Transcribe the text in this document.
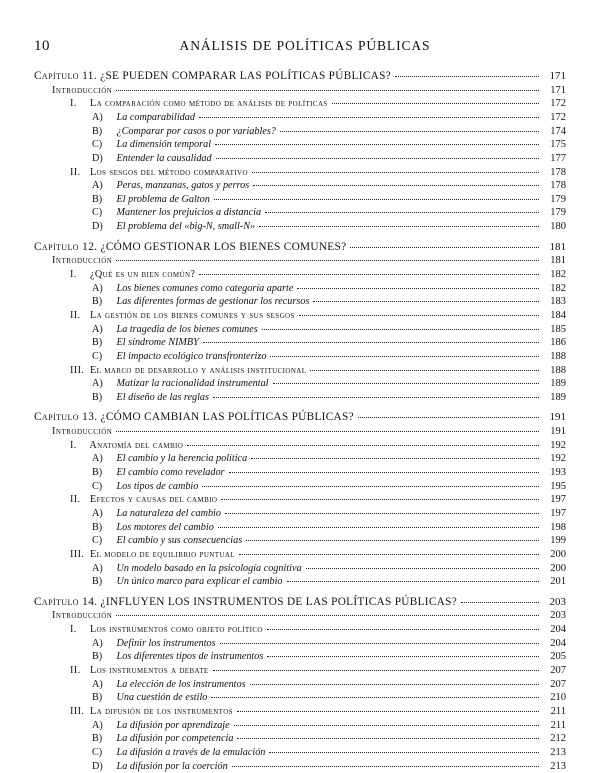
10	ANÁLISIS DE POLÍTICAS PÚBLICAS
Capítulo 11. ¿SE PUEDEN COMPARAR LAS POLÍTICAS PÚBLICAS?	171
Introducción	171
I. La comparación como método de análisis de políticas	172
A) La comparabilidad	172
B) ¿Comparar por casos o por variables?	174
C) La dimensión temporal	175
D) Entender la causalidad	177
II. Los sesgos del método comparativo	178
A) Peras, manzanas, gatos y perros	178
B) El problema de Galton	179
C) Mantener los prejuicios a distancia	179
D) El problema del «big-N, small-N»	180
Capítulo 12. ¿CÓMO GESTIONAR LOS BIENES COMUNES?	181
Introducción	181
I. ¿Qué es un bien común?	182
A) Los bienes comunes como categoría aparte	182
B) Las diferentes formas de gestionar los recursos	183
II. La gestión de los bienes comunes y sus sesgos	184
A) La tragedia de los bienes comunes	185
B) El síndrome NIMBY	186
C) El impacto ecológico transfronterizo	188
III. El marco de desarrollo y análisis institucional	188
A) Matizar la racionalidad instrumental	189
B) El diseño de las reglas	189
Capítulo 13. ¿CÓMO CAMBIAN LAS POLÍTICAS PÚBLICAS?	191
Introducción	191
I. Anatomía del cambio	192
A) El cambio y la herencia política	192
B) El cambio como revelador	193
C) Los tipos de cambio	195
II. Efectos y causas del cambio	197
A) La naturaleza del cambio	197
B) Los motores del cambio	198
C) El cambio y sus consecuencias	199
III. El modelo de equilibrio puntual	200
A) Un modelo basado en la psicología cognitiva	200
B) Un único marco para explicar el cambio	201
Capítulo 14. ¿INFLUYEN LOS INSTRUMENTOS DE LAS POLÍTICAS PÚBLICAS?	203
Introducción	203
I. Los instrumentos como objeto político	204
A) Definir los instrumentos	204
B) Los diferentes tipos de instrumentos	205
II. Los instrumentos a debate	207
A) La elección de los instrumentos	207
B) Una cuestión de estilo	210
III. La difusión de los instrumentos	211
A) La difusión por aprendizaje	211
B) La difusión por competencia	212
C) La difusión a través de la emulación	213
D) La difusión por la coerción	213
